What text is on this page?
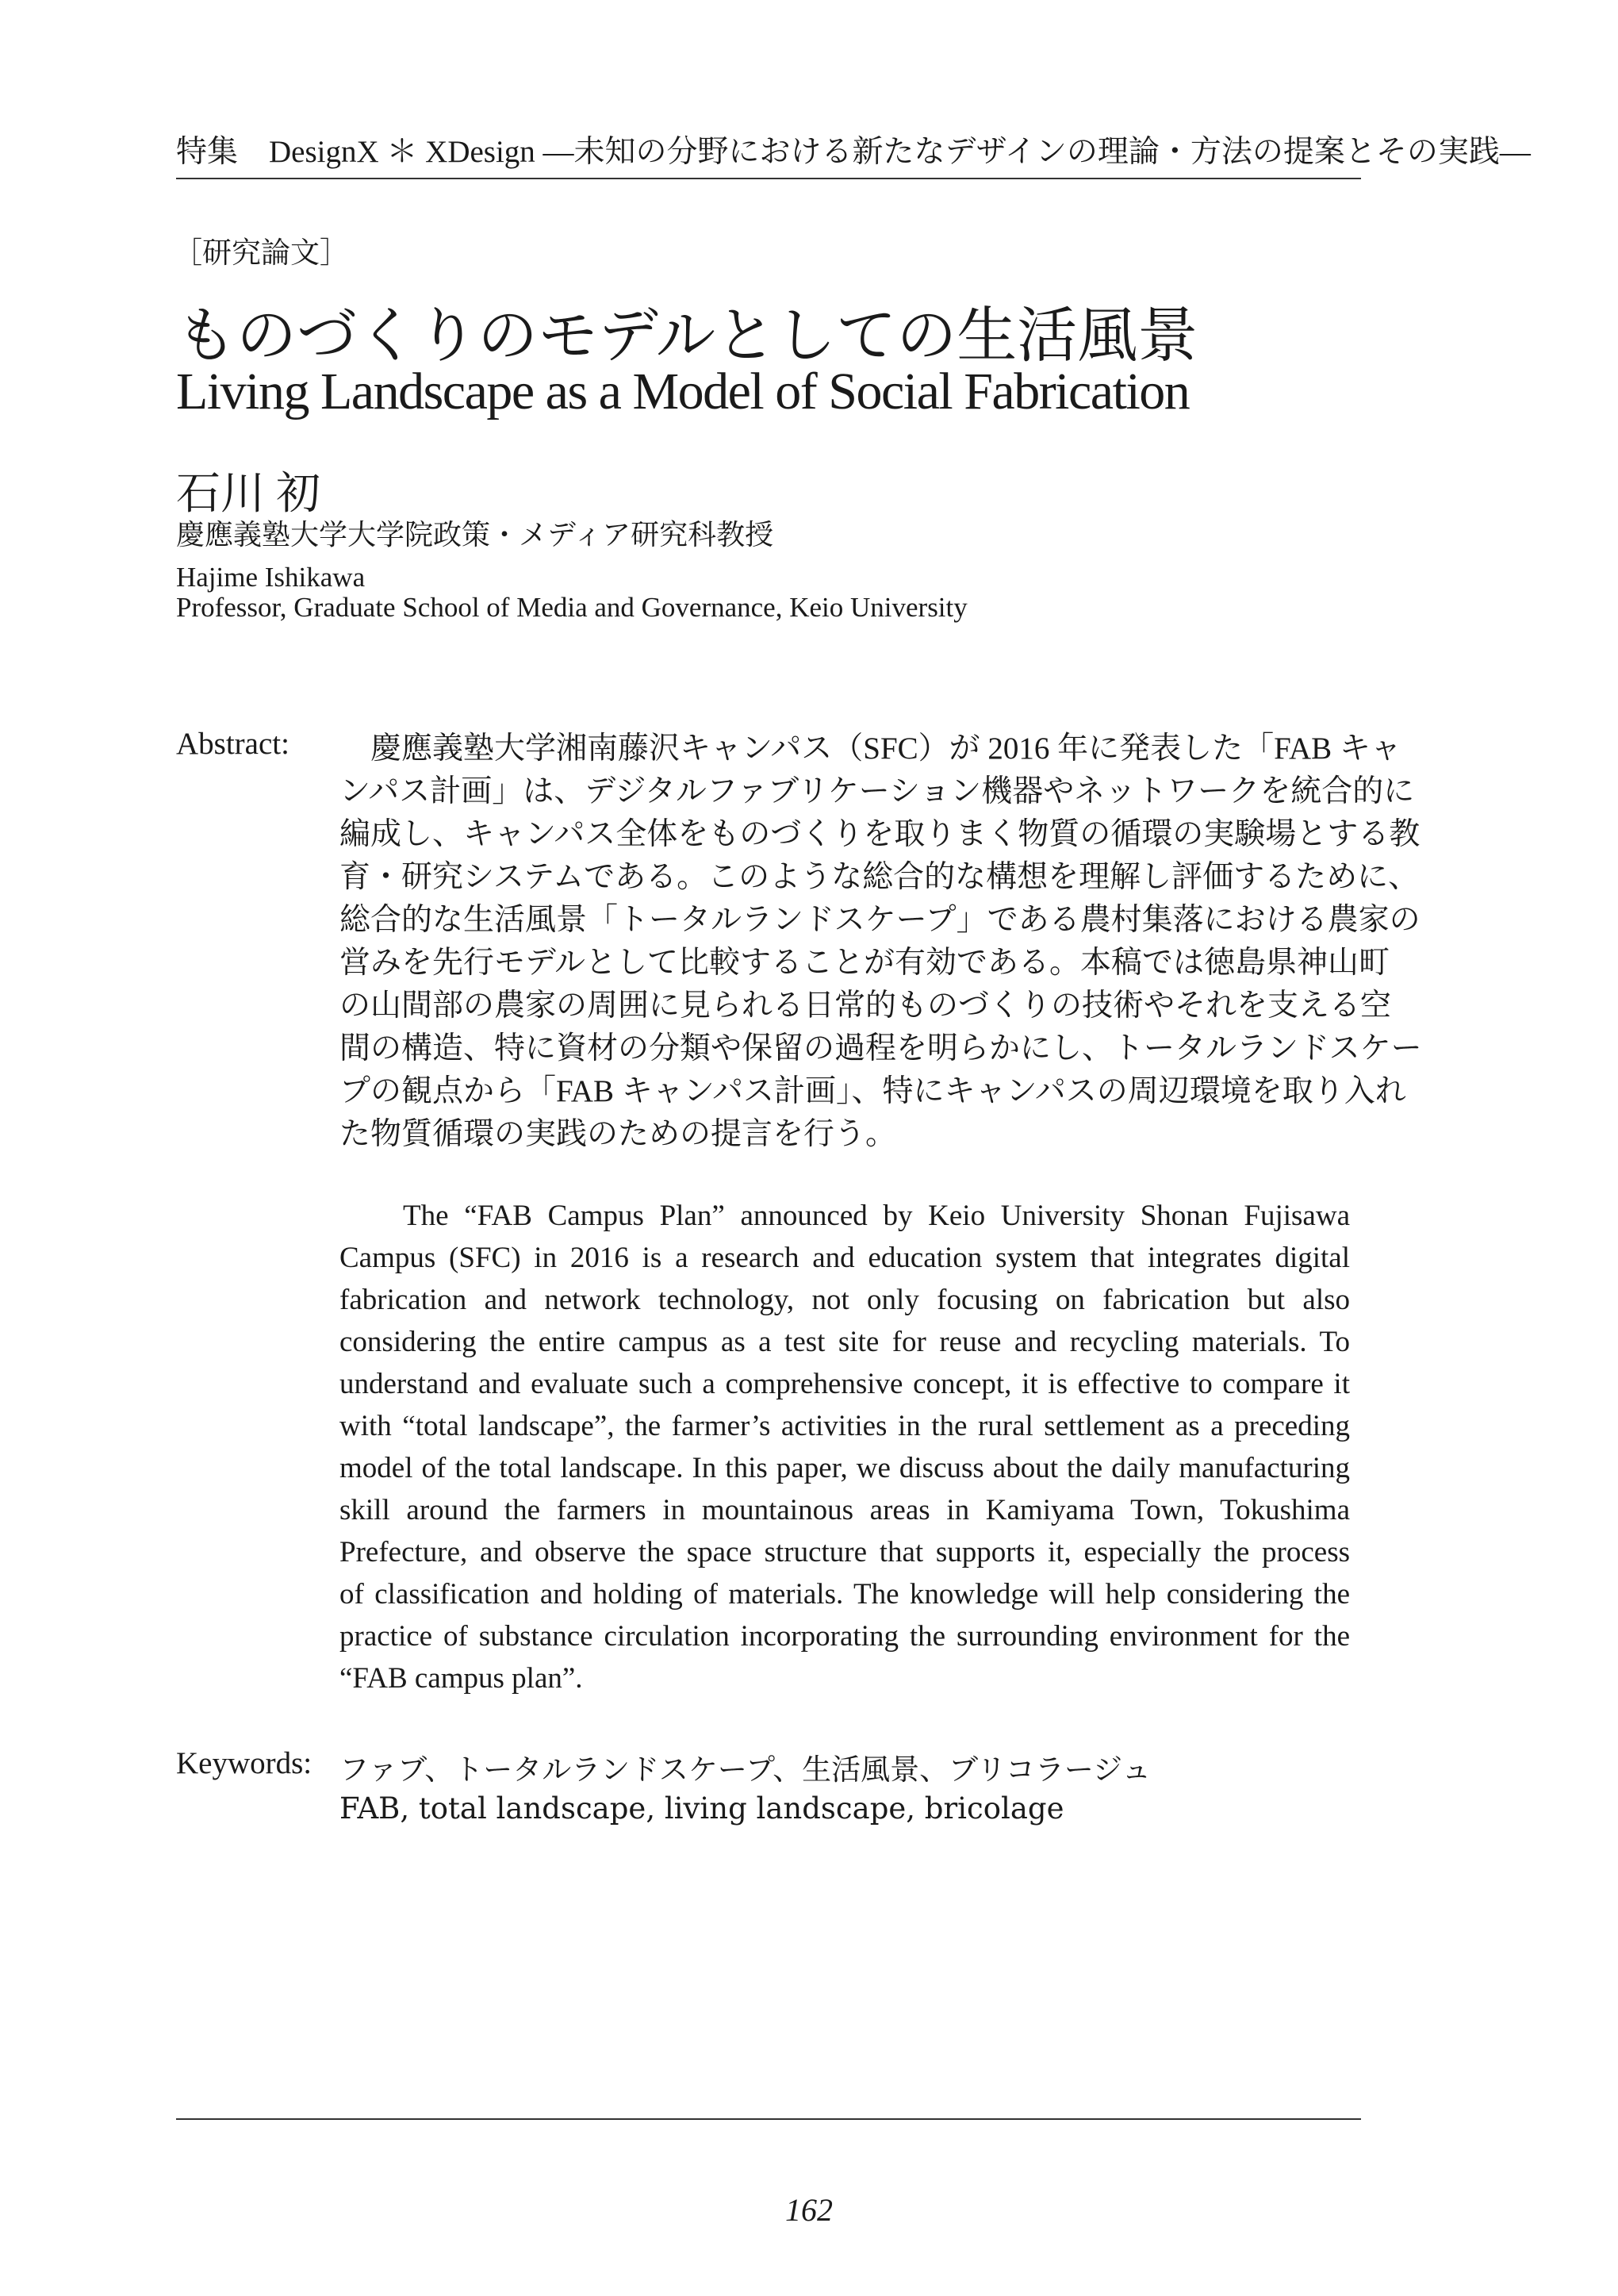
特集　DesignX ＊ XDesign ―未知の分野における新たなデザインの理論・方法の提案とその実践―
［研究論文］
ものづくりのモデルとしての生活風景
Living Landscape as a Model of Social Fabrication
石川 初
慶應義塾大学大学院政策・メディア研究科教授
Hajime Ishikawa
Professor, Graduate School of Media and Governance, Keio University
Abstract: 　慶應義塾大学湘南藤沢キャンパス（SFC）が 2016 年に発表した「FAB キャ
ンパス計画」は、デジタルファブリケーション機器やネットワークを統合的に
編成し、キャンパス全体をものづくりを取りまく物質の循環の実験場とする教
育・研究システムである。このような総合的な構想を理解し評価するために、
総合的な生活風景「トータルランドスケープ」である農村集落における農家の
営みを先行モデルとして比較することが有効である。本稿では徳島県神山町
の山間部の農家の周囲に見られる日常的ものづくりの技術やそれを支える空
間の構造、特に資材の分類や保留の過程を明らかにし、トータルランドスケー
プの観点から「FAB キャンパス計画」、特にキャンパスの周辺環境を取り入れ
た物質循環の実践のための提言を行う。
The “FAB Campus Plan” announced by Keio University Shonan Fujisawa
Campus (SFC) in 2016 is a research and education system that integrates digital
fabrication and network technology, not only focusing on fabrication but also
considering the entire campus as a test site for reuse and recycling materials. To
understand and evaluate such a comprehensive concept, it is effective to compare it
with “total landscape”, the farmer’s activities in the rural settlement as a preceding
model of the total landscape. In this paper, we discuss about the daily manufacturing
skill around the farmers in mountainous areas in Kamiyama Town, Tokushima
Prefecture, and observe the space structure that supports it, especially the process
of classification and holding of materials. The knowledge will help considering the
practice of substance circulation incorporating the surrounding environment for the
“FAB campus plan”.
Keywords: ファブ、トータルランドスケープ、生活風景、ブリコラージュ
FAB, total landscape, living landscape, bricolage
162
